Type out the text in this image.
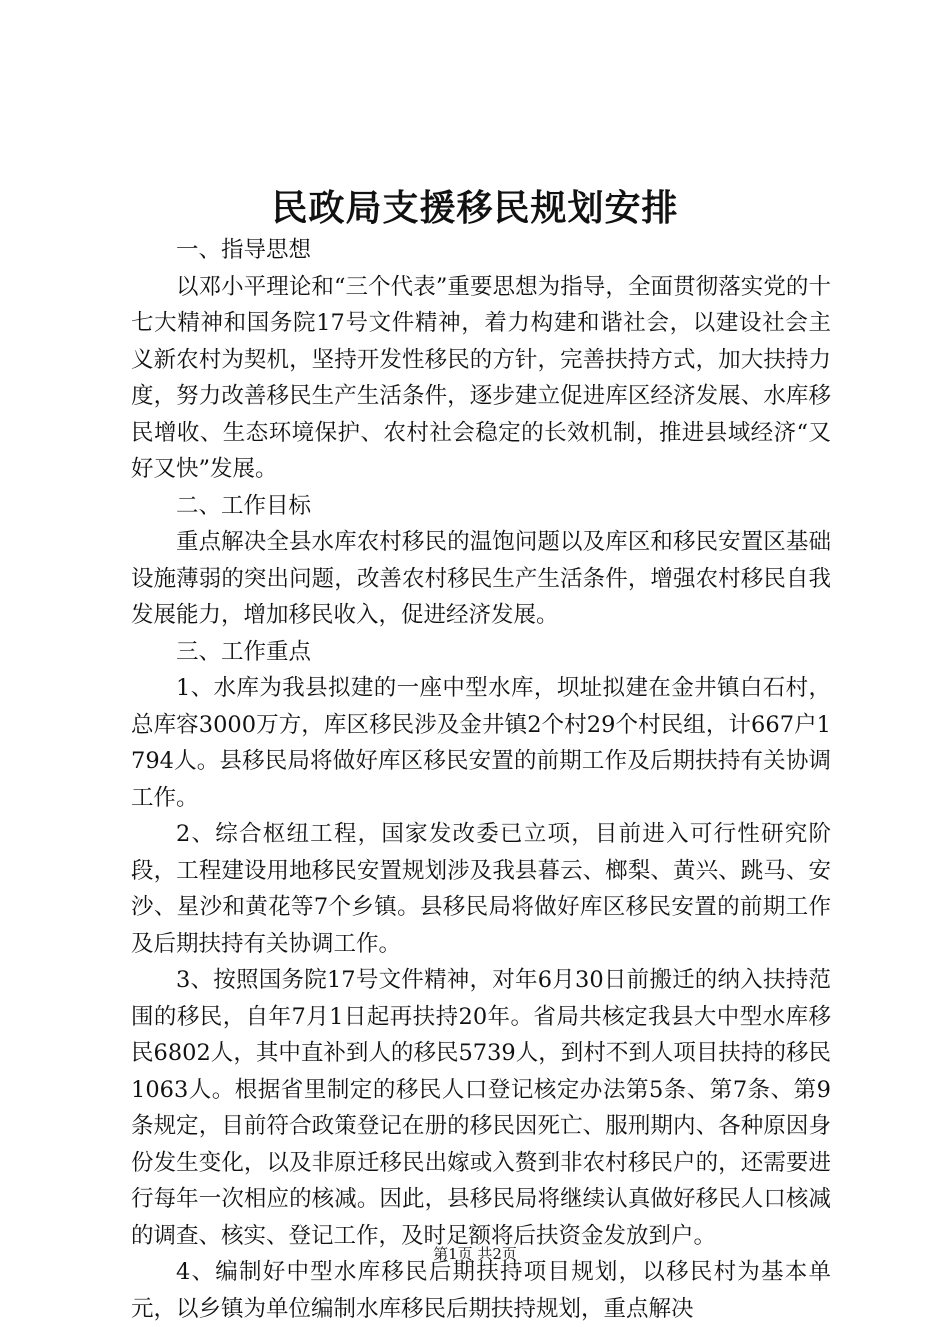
民政局支援移民规划安排

一、指导思想

以邓小平理论和“三个代表”重要思想为指导，全面贯彻落实党的十七大精神和国务院17号文件精神，着力构建和谐社会，以建设社会主义新农村为契机，坚持开发性移民的方针，完善扶持方式，加大扶持力度，努力改善移民生产生活条件，逐步建立促进库区经济发展、水库移民增收、生态环境保护、农村社会稳定的长效机制，推进县域经济“又好又快”发展。

二、工作目标

重点解决全县水库农村移民的温饱问题以及库区和移民安置区基础设施薄弱的突出问题，改善农村移民生产生活条件，增强农村移民自我发展能力，增加移民收入，促进经济发展。

三、工作重点

1、水库为我县拟建的一座中型水库，坝址拟建在金井镇白石村，总库容3000万方，库区移民涉及金井镇2个村29个村民组，计667户1794人。县移民局将做好库区移民安置的前期工作及后期扶持有关协调工作。

2、综合枢纽工程，国家发改委已立项，目前进入可行性研究阶段，工程建设用地移民安置规划涉及我县暮云、榔梨、黄兴、跳马、安沙、星沙和黄花等7个乡镇。县移民局将做好库区移民安置的前期工作及后期扶持有关协调工作。

3、按照国务院17号文件精神，对年6月30日前搬迁的纳入扶持范围的移民，自年7月1日起再扶持20年。省局共核定我县大中型水库移民6802人，其中直补到人的移民5739人，到村不到人项目扶持的移民1063人。根据省里制定的移民人口登记核定办法第5条、第7条、第9条规定，目前符合政策登记在册的移民因死亡、服刑期内、各种原因身份发生变化，以及非原迁移民出嫁或入赘到非农村移民户的，还需要进行每年一次相应的核减。因此，县移民局将继续认真做好移民人口核减的调查、核实、登记工作，及时足额将后扶资金发放到户。

4、编制好中型水库移民后期扶持项目规划，以移民村为基本单元，以乡镇为单位编制水库移民后期扶持规划，重点解决

第1页 共2页
